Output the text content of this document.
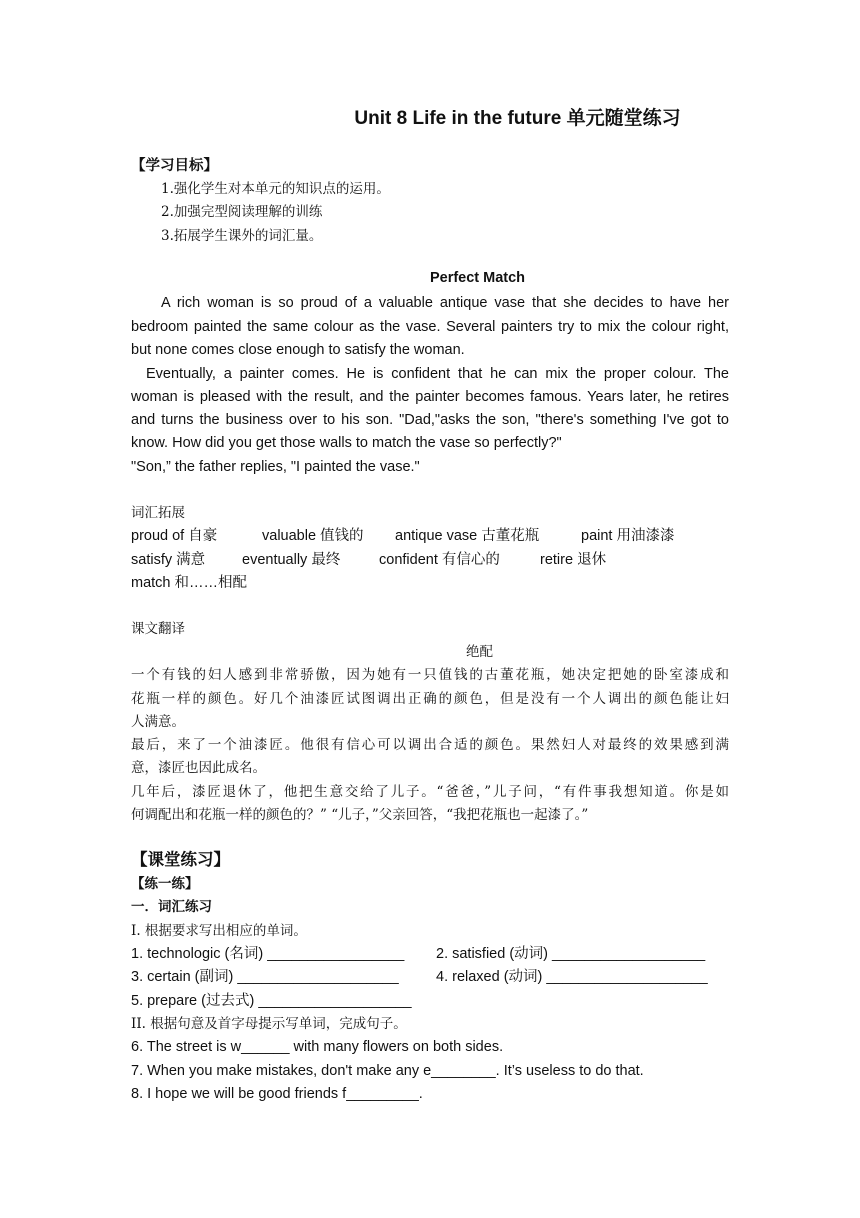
Unit 8 Life in the future 单元随堂练习
【学习目标】
1.强化学生对本单元的知识点的运用。
2.加强完型阅读理解的训练
3.拓展学生课外的词汇量。
Perfect Match
A rich woman is so proud of a valuable antique vase that she decides to have her
bedroom painted the same colour as the vase. Several painters try to mix the colour right,
but none comes close enough to satisfy the woman.
Eventually, a painter comes. He is confident that he can mix the proper colour. The
woman is pleased with the result, and the painter becomes famous. Years later, he retires
and turns the business over to his son. "Dad,"asks the son, "there's something I've got to
know. How did you get those walls to match the vase so perfectly?"
"Son,” the father replies, "I painted the vase."
词汇拓展
proud of 自豪	valuable 值钱的 antique vase 古董花瓶	paint 用油漆漆
satisfy 满意	eventually 最终	confident 有信心的	retire 退休
match 和……相配
课文翻译
绝配
一个有钱的妇人感到非常骄傲，因为她有一只值钱的古董花瓶，她决定把她的卧室漆成和
花瓶一样的颜色。好几个油漆匠试图调出正确的颜色，但是没有一个人调出的颜色能让妇
人满意。
最后，来了一个油漆匠。他很有信心可以调出合适的颜色。果然妇人对最终的效果感到满
意，漆匠也因此成名。
几年后，漆匠退休了，他把生意交给了儿子。“爸爸，”儿子问，“有件事我想知道。你是如
何调配出和花瓶一样的颜色的？” “儿子，”父亲回答，“我把花瓶也一起漆了。”
【课堂练习】
【练一练】
一．词汇练习
I. 根据要求写出相应的单词。
1. technologic (名词) _________________ 2. satisfied (动词) ___________________
3. certain (副词) ____________________	4. relaxed (动词) ____________________
5. prepare (过去式) ___________________
II. 根据句意及首字母提示写单词，完成句子。
6. The street is w______ with many flowers on both sides.
7. When you make mistakes, don't make any e________. It’s useless to do that.
8. I hope we will be good friends f_________.
